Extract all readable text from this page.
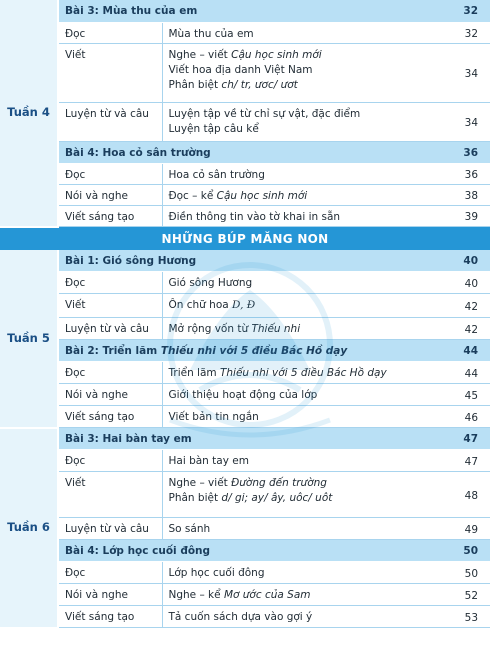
Tuần 4	Bài 3: Mùa thu của em		32
	Đọc	Mùa thu của em	32
	Viết	Nghe – viết Cậu học sinh mới
Viết hoa địa danh Việt Nam
Phân biệt ch/ tr, ươc/ ươt	34
	Luyện từ và câu	Luyện tập về từ chỉ sự vật, đặc điểm
Luyện tập câu kể	34
	Bài 4: Hoa cỏ sân trường		36
	Đọc	Hoa cỏ sân trường	36
	Nói và nghe	Đọc – kể Cậu học sinh mới	38
	Viết sáng tạo	Điền thông tin vào tờ khai in sẵn	39

NHỮNG BÚP MĂNG NON			
Tuần 5	Bài 1: Gió sông Hương		40
	Đọc	Gió sông Hương	40
	Viết	Ôn chữ hoa D, Đ	42
	Luyện từ và câu	Mở rộng vốn từ Thiếu nhi	42
	Bài 2: Triển lãm Thiếu nhi với 5 điều Bác Hồ dạy		44
	Đọc	Triển lãm Thiếu nhi với 5 điều Bác Hồ dạy	44
	Nói và nghe	Giới thiệu hoạt động của lớp	45
	Viết sáng tạo	Viết bản tin ngắn	46
Tuần 6	Bài 3: Hai bàn tay em		47
	Đọc	Hai bàn tay em	47
	Viết	Nghe – viết Đường đến trường
Phân biệt d/ gi; ay/ ây, uôc/ uôt	48
	Luyện từ và câu	So sánh	49
	Bài 4: Lớp học cuối đông		50
	Đọc	Lớp học cuối đông	50
	Nói và nghe	Nghe – kể Mơ ước của Sam	52
	Viết sáng tạo	Tả cuốn sách dựa vào gợi ý	53
